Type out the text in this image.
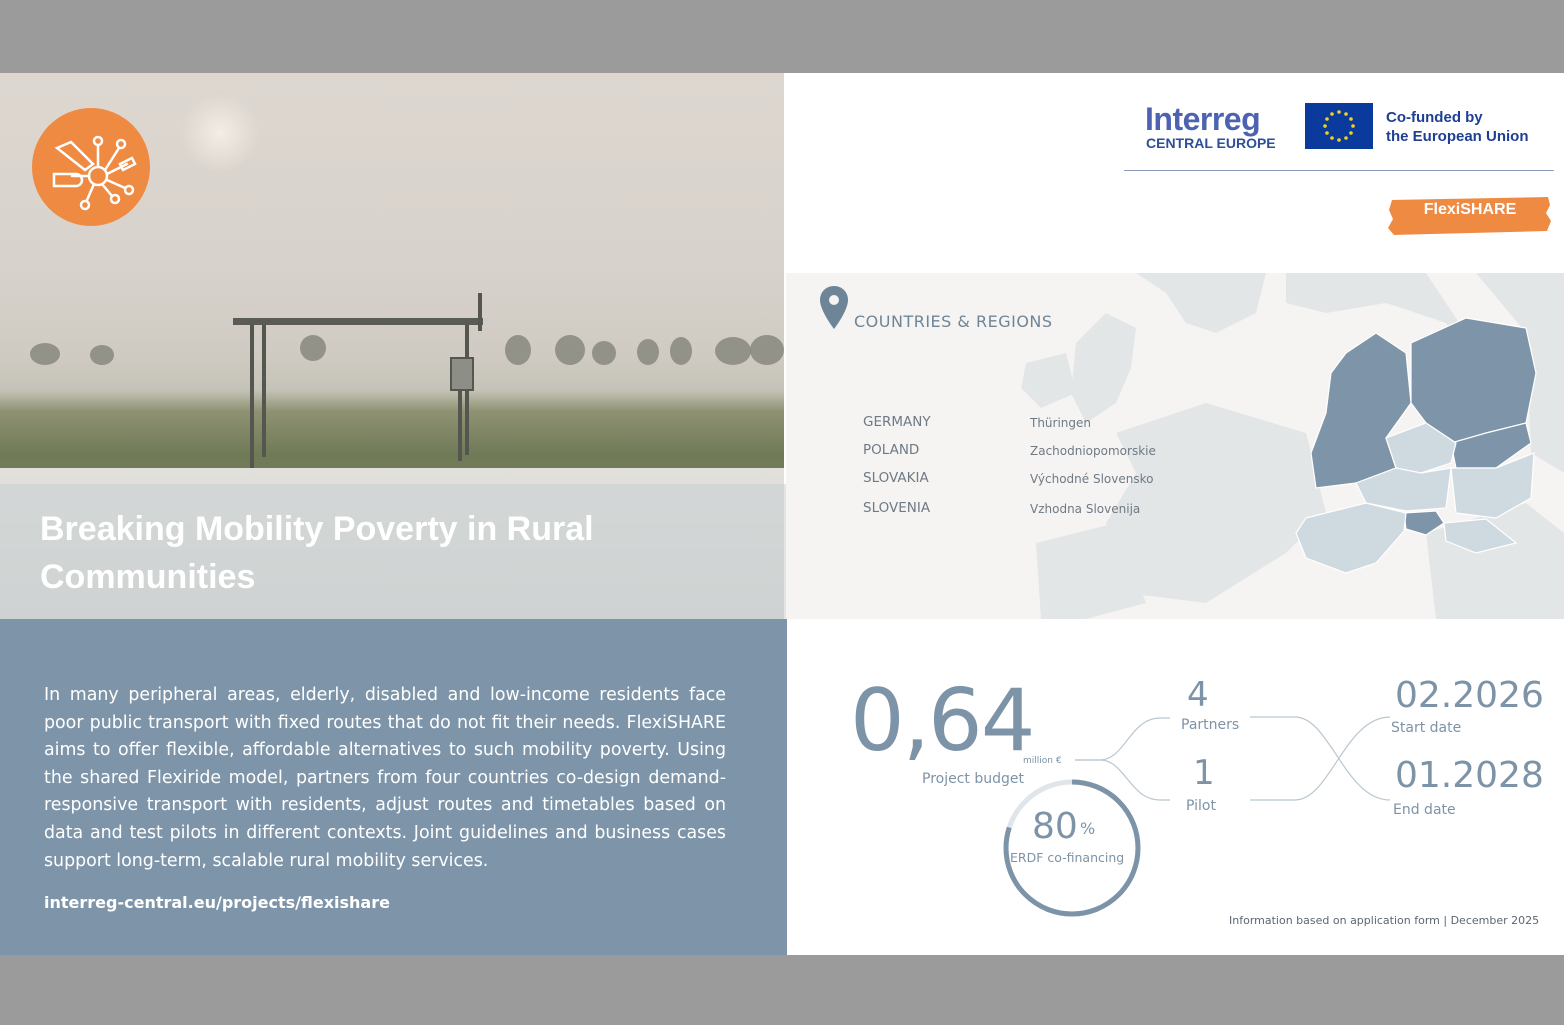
Breaking Mobility Poverty in Rural Communities

In many peripheral areas, elderly, disabled and low-income residents face poor public transport with fixed routes that do not fit their needs. FlexiSHARE aims to offer flexible, affordable alternatives to such mobility poverty. Using the shared Flexiride model, partners from four countries co-design demand-responsive transport with residents, adjust routes and timetables based on data and test pilots in different contexts. Joint guidelines and business cases support long-term, scalable rural mobility services.

interreg-central.eu/projects/flexishare
Interreg
CENTRAL EUROPE
Co-funded by
the European Union
FlexiSHARE
COUNTRIES & REGIONS
GERMANY	Thüringen
POLAND	Zachodniopomorskie
SLOVAKIA	Východné Slovensko
SLOVENIA	Vzhodna Slovenija
0,64
million €
Project budget
4
Partners
1
Pilot
02.2026
Start date
01.2028
End date
80 %
ERDF co-financing
Information based on application form | December 2025
